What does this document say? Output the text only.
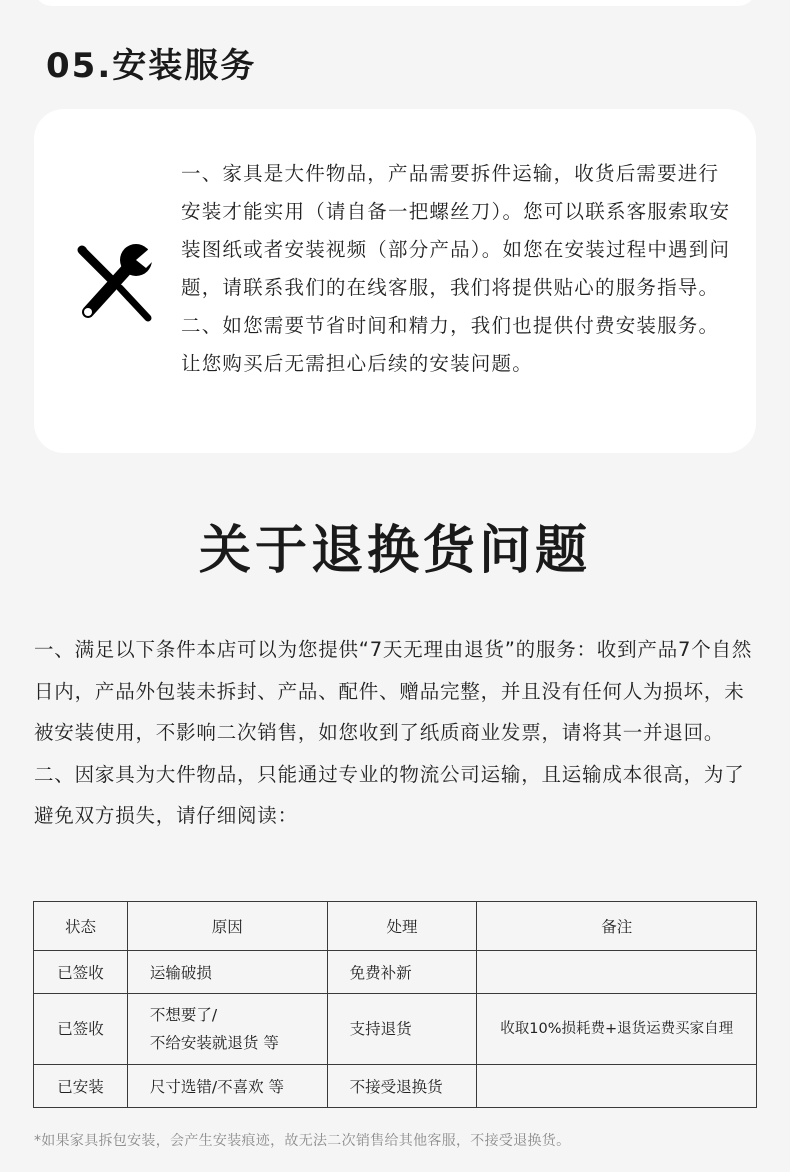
05.安装服务

一、家具是大件物品，产品需要拆件运输，收货后需要进行安装才能实用（请自备一把螺丝刀）。您可以联系客服索取安装图纸或者安装视频（部分产品）。如您在安装过程中遇到问题，请联系我们的在线客服，我们将提供贴心的服务指导。

二、如您需要节省时间和精力，我们也提供付费安装服务。让您购买后无需担心后续的安装问题。

关于退换货问题

一、满足以下条件本店可以为您提供“7天无理由退货”的服务：收到产品7个自然日内，产品外包装未拆封、产品、配件、赠品完整，并且没有任何人为损坏，未被安装使用，不影响二次销售，如您收到了纸质商业发票，请将其一并退回。

二、因家具为大件物品，只能通过专业的物流公司运输，且运输成本很高，为了避免双方损失，请仔细阅读：

状态	原因	处理	备注
已签收	运输破损	免费补新	
已签收	不想要了/
不给安装就退货 等	支持退货	收取10%损耗费+退货运费买家自理
已安装	尺寸选错/不喜欢 等	不接受退换货	

*如果家具拆包安装，会产生安装痕迹，故无法二次销售给其他客服，不接受退换货。
